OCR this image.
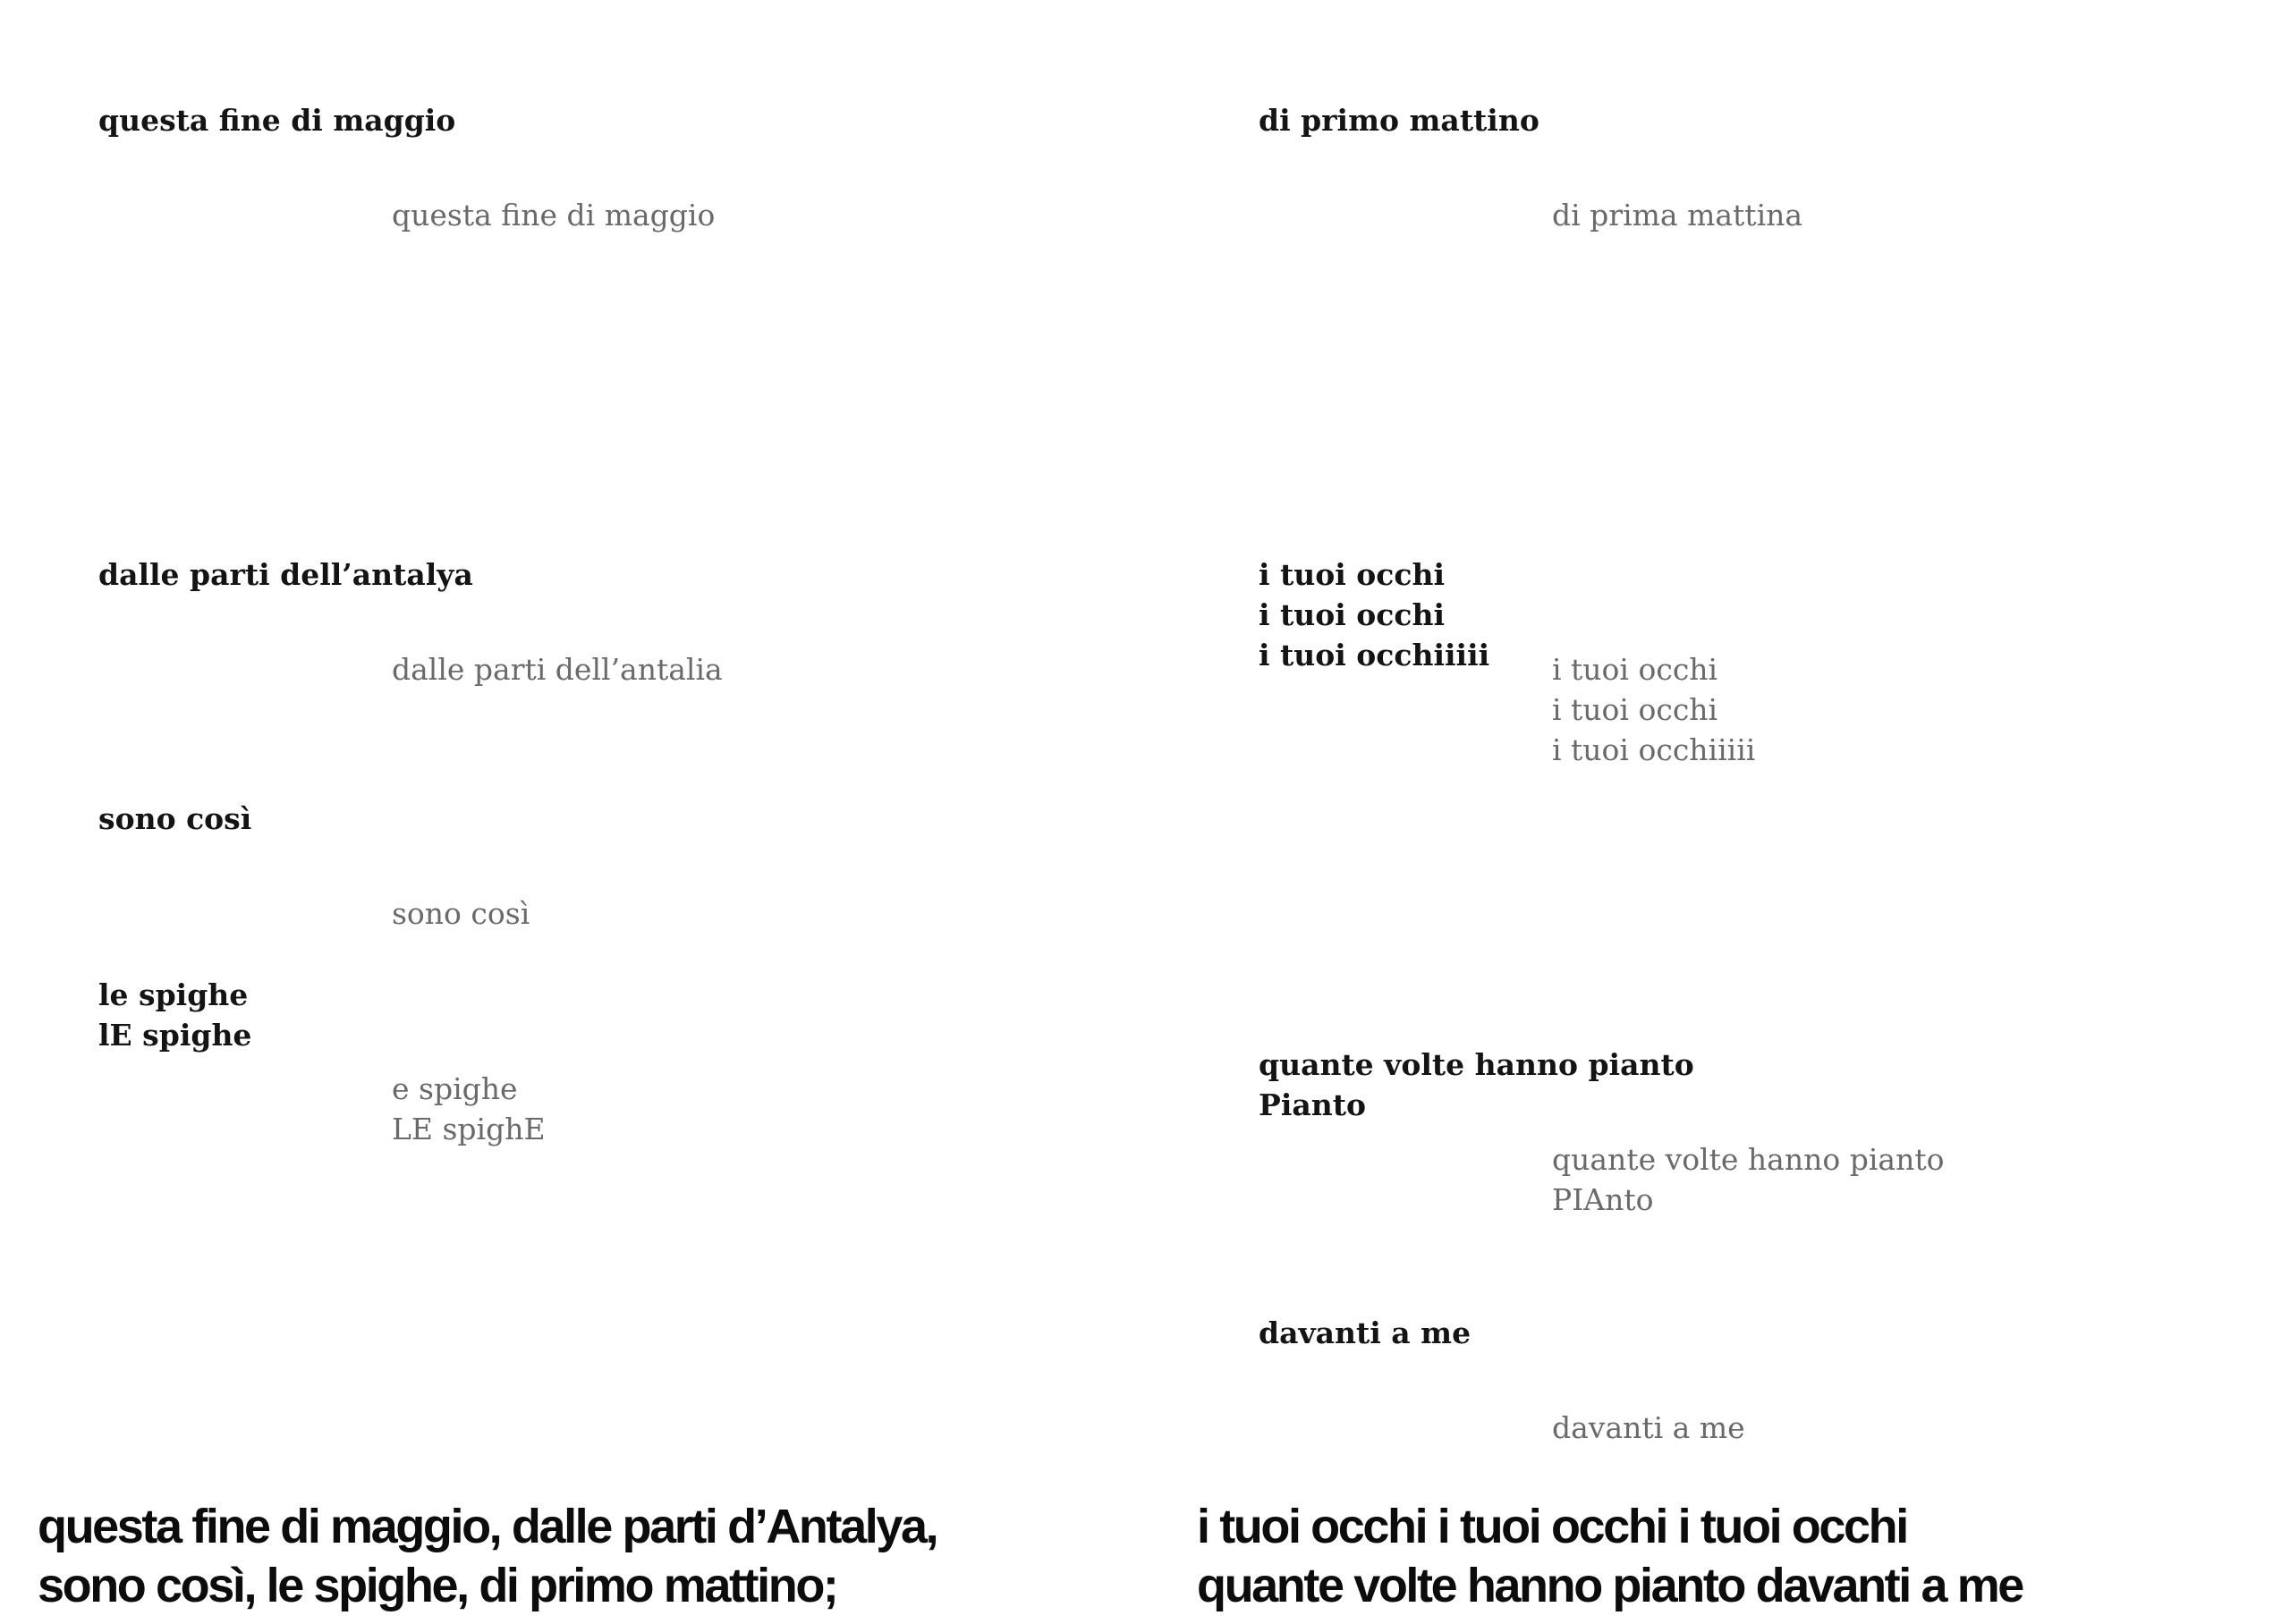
questa fine di maggio

questa fine di maggio

dalle parti dell’antalya

dalle parti dell’antalia

sono così

sono così

le spighe

lE spighe

e spighe

LE spighE

di primo mattino

di prima mattina

i tuoi occhi

i tuoi occhi

i tuoi occhiiiii i tuoi occhi

i tuoi occhi

i tuoi occhiiiii

quante volte hanno pianto

Pianto

quante volte hanno pianto

PIAnto

davanti a me

davanti a me

questa fine di maggio, dalle parti d’Antalya,

sono così, le spighe, di primo mattino;

i tuoi occhi i tuoi occhi i tuoi occhi

quante volte hanno pianto davanti a me
